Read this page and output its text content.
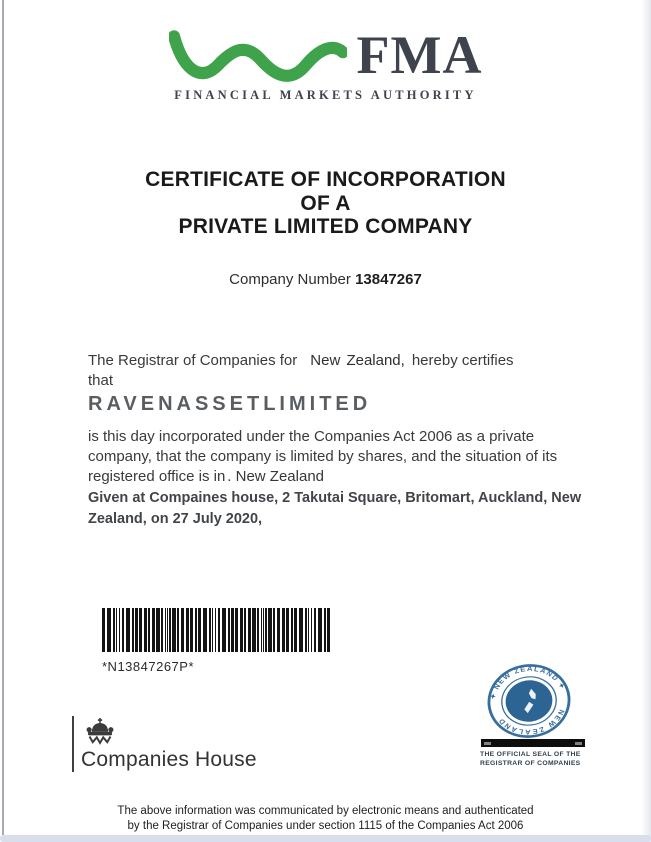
FMA
FINANCIAL MARKETS AUTHORITY
CERTIFICATE OF INCORPORATION
OF A
PRIVATE LIMITED COMPANY
Company Number 13847267
The Registrar of Companies for New Zealand, hereby certifies
that
RAVENASSETLIMITED

is this day incorporated under the Companies Act 2006 as a private
company, that the company is limited by shares, and the situation of its
registered office is in . New Zealand

Given at Compaines house, 2 Takutai Square, Britomart, Auckland, New
Zealand, on 27 July 2020,

*N13847267P*
✦ NEW ZEALAND ✦
NEW ZEALAND
THE OFFICIAL SEAL OF THE
REGISTRAR OF COMPANIES
Companies House
The above information was communicated by electronic means and authenticated
by the Registrar of Companies under section 1115 of the Companies Act 2006
